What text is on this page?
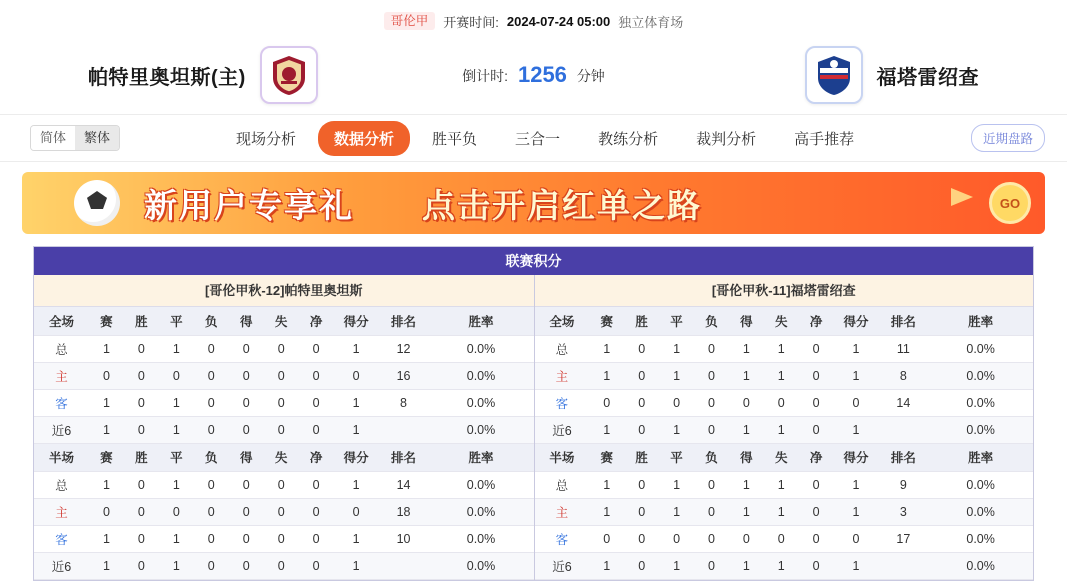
哥伦甲	开赛时间: 2024-07-24 05:00 独立体育场
帕特里奥坦斯(主)	倒计时: 1256 分钟	福塔雷绍查
简体	繁体	现场分析	数据分析	胜平负	三合一	教练分析	裁判分析	高手推荐	近期盘路
新用户专享礼 点击开启红单之路	GO
联赛积分
[哥伦甲秋-12]帕特里奥坦斯
全场	赛	胜	平	负	得	失	净	得分	排名	胜率
总	1	0	1	0	0	0	0	1	12	0.0%
主	0	0	0	0	0	0	0	0	16	0.0%
客	1	0	1	0	0	0	0	1	8	0.0%
近6	1	0	1	0	0	0	0	1		0.0%
半场	赛	胜	平	负	得	失	净	得分	排名	胜率
总	1	0	1	0	0	0	0	1	14	0.0%
主	0	0	0	0	0	0	0	0	18	0.0%
客	1	0	1	0	0	0	0	1	10	0.0%
近6	1	0	1	0	0	0	0	1		0.0%
[哥伦甲秋-11]福塔雷绍查
全场	赛	胜	平	负	得	失	净	得分	排名	胜率
总	1	0	1	0	1	1	0	1	11	0.0%
主	1	0	1	0	1	1	0	1	8	0.0%
客	0	0	0	0	0	0	0	0	14	0.0%
近6	1	0	1	0	1	1	0	1		0.0%
半场	赛	胜	平	负	得	失	净	得分	排名	胜率
总	1	0	1	0	1	1	0	1	9	0.0%
主	1	0	1	0	1	1	0	1	3	0.0%
客	0	0	0	0	0	0	0	0	17	0.0%
近6	1	0	1	0	1	1	0	1		0.0%
